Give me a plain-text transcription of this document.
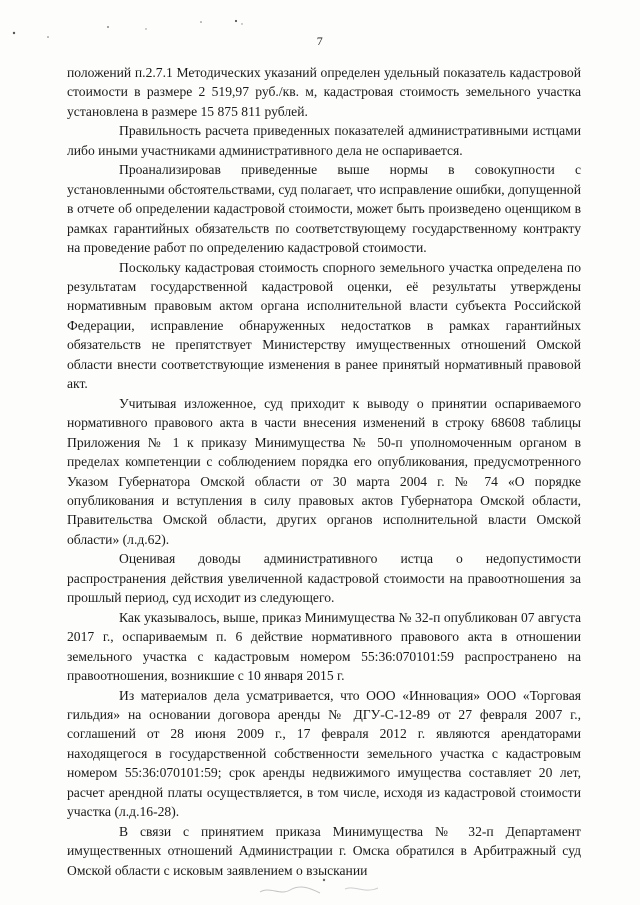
7

положений п.2.7.1 Методических указаний определен удельный показатель кадастровой стоимости в размере 2 519,97 руб./кв. м, кадастровая стоимость земельного участка установлена в размере 15 875 811 рублей.

Правильность расчета приведенных показателей административными истцами либо иными участниками административного дела не оспаривается.

Проанализировав приведенные выше нормы в совокупности с установленными обстоятельствами, суд полагает, что исправление ошибки, допущенной в отчете об определении кадастровой стоимости, может быть произведено оценщиком в рамках гарантийных обязательств по соответствующему государственному контракту на проведение работ по определению кадастровой стоимости.

Поскольку кадастровая стоимость спорного земельного участка определена по результатам государственной кадастровой оценки, её результаты утверждены нормативным правовым актом органа исполнительной власти субъекта Российской Федерации, исправление обнаруженных недостатков в рамках гарантийных обязательств не препятствует Министерству имущественных отношений Омской области внести соответствующие изменения в ранее принятый нормативный правовой акт.

Учитывая изложенное, суд приходит к выводу о принятии оспариваемого нормативного правового акта в части внесения изменений в строку 68608 таблицы Приложения № 1 к приказу Минимущества № 50-п уполномоченным органом в пределах компетенции с соблюдением порядка его опубликования, предусмотренного Указом Губернатора Омской области от 30 марта 2004 г. № 74 «О порядке опубликования и вступления в силу правовых актов Губернатора Омской области, Правительства Омской области, других органов исполнительной власти Омской области» (л.д.62).

Оценивая доводы административного истца о недопустимости распространения действия увеличенной кадастровой стоимости на правоотношения за прошлый период, суд исходит из следующего.

Как указывалось, выше, приказ Минимущества № 32-п опубликован 07 августа 2017 г., оспариваемым п. 6 действие нормативного правового акта в отношении земельного участка с кадастровым номером 55:36:070101:59 распространено на правоотношения, возникшие с 10 января 2015 г.

Из материалов дела усматривается, что ООО «Инновация» ООО «Торговая гильдия» на основании договора аренды № ДГУ-С-12-89 от 27 февраля 2007 г., соглашений от 28 июня 2009 г., 17 февраля 2012 г. являются арендаторами находящегося в государственной собственности земельного участка с кадастровым номером 55:36:070101:59; срок аренды недвижимого имущества составляет 20 лет, расчет арендной платы осуществляется, в том числе, исходя из кадастровой стоимости участка (л.д.16-28).

В связи с принятием приказа Минимущества № 32-п Департамент имущественных отношений Администрации г. Омска обратился в Арбитражный суд Омской области с исковым заявлением о взыскании
